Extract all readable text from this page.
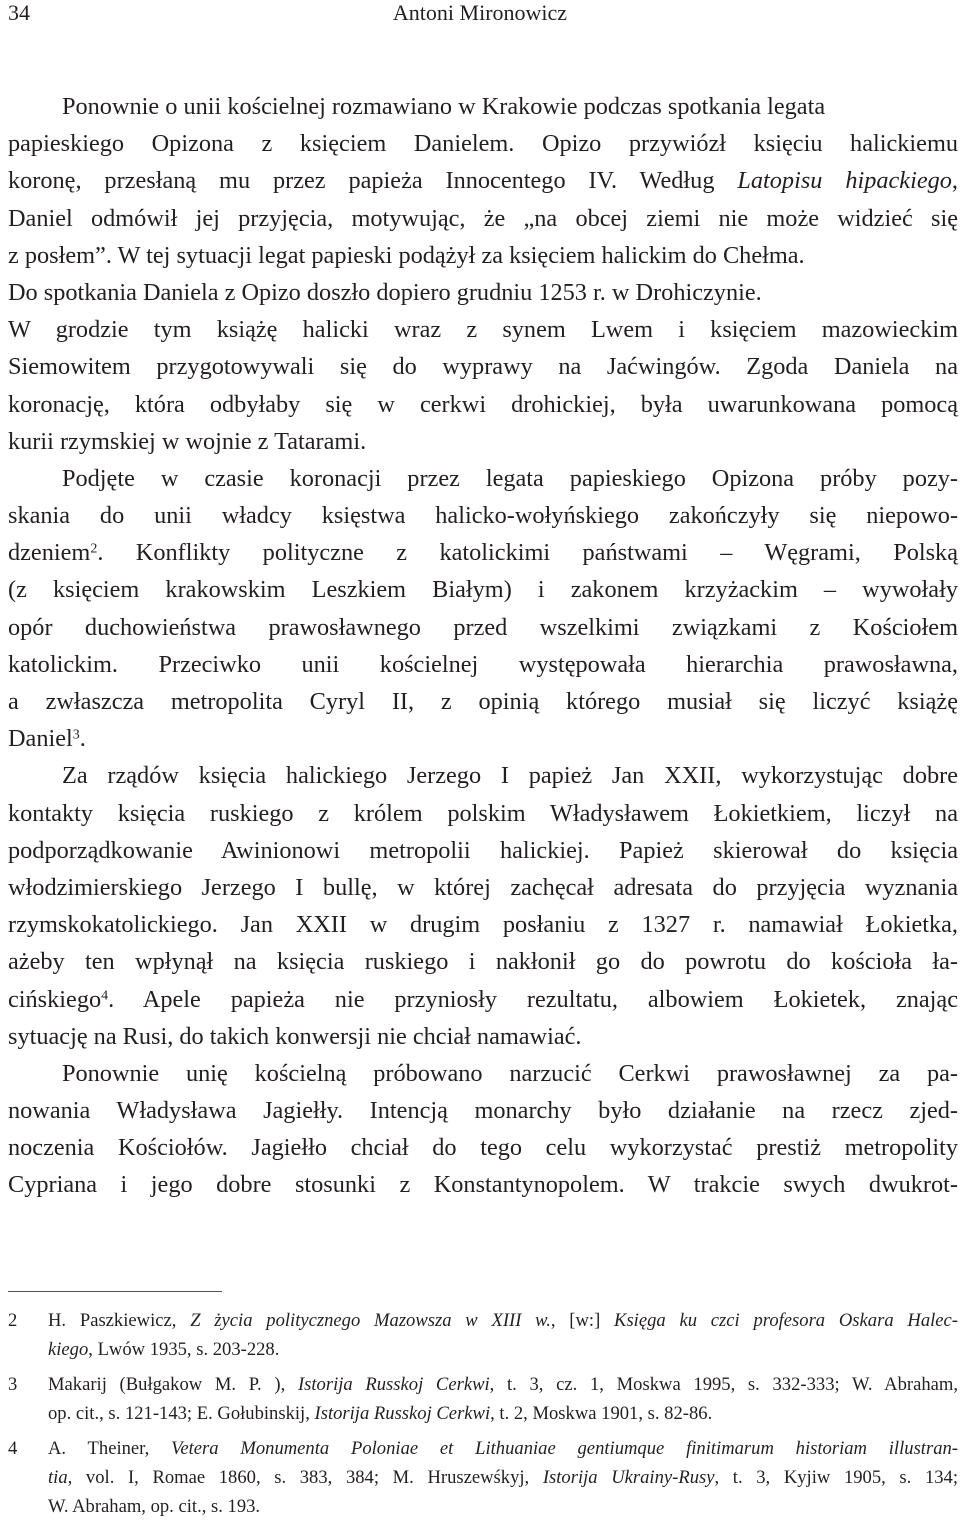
34	Antoni Mironowicz
Ponownie o unii kościelnej rozmawiano w Krakowie podczas spotkania legata
papieskiego Opizona z księciem Danielem. Opizo przywiózł księciu halickiemu
koronę, przesłaną mu przez papieża Innocentego IV. Według Latopisu hipackiego,
Daniel odmówił jej przyjęcia, motywując, że „na obcej ziemi nie może widzieć się
z posłem”. W tej sytuacji legat papieski podążył za księciem halickim do Chełma.
Do spotkania Daniela z Opizo doszło dopiero grudniu 1253 r. w Drohiczynie.
W grodzie tym książę halicki wraz z synem Lwem i księciem mazowieckim
Siemowitem przygotowywali się do wyprawy na Jaćwingów. Zgoda Daniela na
koronację, która odbyłaby się w cerkwi drohickiej, była uwarunkowana pomocą
kurii rzymskiej w wojnie z Tatarami.
Podjęte w czasie koronacji przez legata papieskiego Opizona próby pozy-
skania do unii władcy księstwa halicko-wołyńskiego zakończyły się niepowo-
dzeniem$^2$. Konflikty polityczne z katolickimi państwami – Węgrami, Polską
(z księciem krakowskim Leszkiem Białym) i zakonem krzyżackim – wywołały
opór duchowieństwa prawosławnego przed wszelkimi związkami z Kościołem
katolickim. Przeciwko unii kościelnej występowała hierarchia prawosławna,
a zwłaszcza metropolita Cyryl II, z opinią którego musiał się liczyć książę
Daniel$^3$.
Za rządów księcia halickiego Jerzego I papież Jan XXII, wykorzystując dobre
kontakty księcia ruskiego z królem polskim Władysławem Łokietkiem, liczył na
podporządkowanie Awinionowi metropolii halickiej. Papież skierował do księcia
włodzimierskiego Jerzego I bullę, w której zachęcał adresata do przyjęcia wyznania
rzymskokatolickiego. Jan XXII w drugim posłaniu z 1327 r. namawiał Łokietka,
ażeby ten wpłynął na księcia ruskiego i nakłonił go do powrotu do kościoła ła-
cińskiego$^4$. Apele papieża nie przyniosły rezultatu, albowiem Łokietek, znając
sytuację na Rusi, do takich konwersji nie chciał namawiać.
Ponownie unię kościelną próbowano narzucić Cerkwi prawosławnej za pa-
nowania Władysława Jagiełły. Intencją monarchy było działanie na rzecz zjed-
noczenia Kościołów. Jagiełło chciał do tego celu wykorzystać prestiż metropolity
Cypriana i jego dobre stosunki z Konstantynopolem. W trakcie swych dwukrot-
2 H. Paszkiewicz, Z życia politycznego Mazowsza w XIII w., [w:] Księga ku czci profesora Oskara Halec-
kiego, Lwów 1935, s. 203-228.
3 Makarij (Bułgakow M. P. ), Istorija Russkoj Cerkwi, t. 3, cz. 1, Moskwa 1995, s. 332-333; W. Abraham,
op. cit., s. 121-143; E. Gołubinskij, Istorija Russkoj Cerkwi, t. 2, Moskwa 1901, s. 82-86.
4 A. Theiner, Vetera Monumenta Poloniae et Lithuaniae gentiumque finitimarum historiam illustran-
tia, vol. I, Romae 1860, s. 383, 384; M. Hruszewśkyj, Istorija Ukrainy-Rusy, t. 3, Kyjiw 1905, s. 134;
W. Abraham, op. cit., s. 193.
